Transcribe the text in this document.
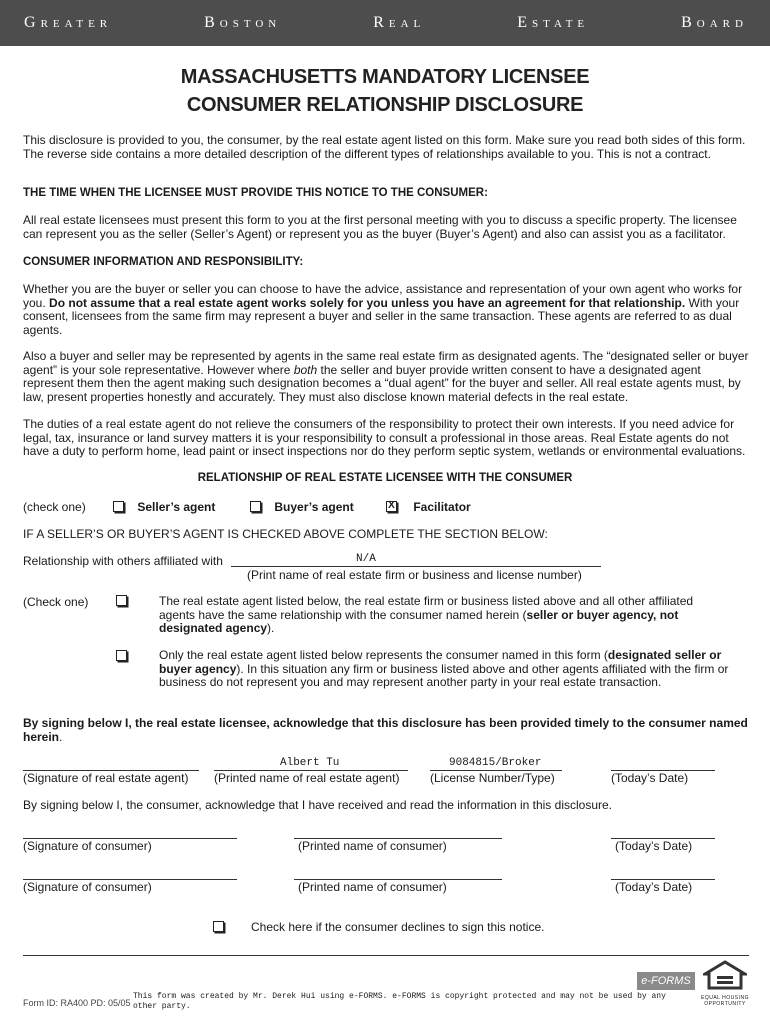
GREATER	BOSTON	REAL	ESTATE	BOARD
MASSACHUSETTS MANDATORY LICENSEE
CONSUMER RELATIONSHIP DISCLOSURE
This disclosure is provided to you, the consumer, by the real estate agent listed on this form. Make sure you read both sides of this form. The reverse side contains a more detailed description of the different types of relationships available to you. This is not a contract.
THE TIME WHEN THE LICENSEE MUST PROVIDE THIS NOTICE TO THE CONSUMER:
All real estate licensees must present this form to you at the first personal meeting with you to discuss a specific property. The licensee can represent you as the seller (Seller’s Agent) or represent you as the buyer (Buyer’s Agent) and also can assist you as a facilitator.
CONSUMER INFORMATION AND RESPONSIBILITY:
Whether you are the buyer or seller you can choose to have the advice, assistance and representation of your own agent who works for you. Do not assume that a real estate agent works solely for you unless you have an agreement for that relationship. With your consent, licensees from the same firm may represent a buyer and seller in the same transaction. These agents are referred to as dual agents.
Also a buyer and seller may be represented by agents in the same real estate firm as designated agents. The “designated seller or buyer agent” is your sole representative. However where both the seller and buyer provide written consent to have a designated agent represent them then the agent making such designation becomes a “dual agent” for the buyer and seller. All real estate agents must, by law, present properties honestly and accurately. They must also disclose known material defects in the real estate.
The duties of a real estate agent do not relieve the consumers of the responsibility to protect their own interests. If you need advice for legal, tax, insurance or land survey matters it is your responsibility to consult a professional in those areas. Real Estate agents do not have a duty to perform home, lead paint or insect inspections nor do they perform septic system, wetlands or environmental evaluations.
RELATIONSHIP OF REAL ESTATE LICENSEE WITH THE CONSUMER
(check one)	Seller’s agent	Buyer’s agent
X	Facilitator
IF A SELLER’S OR BUYER’S AGENT IS CHECKED ABOVE COMPLETE THE SECTION BELOW:
Relationship with others affiliated with	N/A
(Print name of real estate firm or business and license number)
(Check one)	The real estate agent listed below, the real estate firm or business listed above and all other affiliated agents have the same relationship with the consumer named herein (seller or buyer agency, not designated agency).
Only the real estate agent listed below represents the consumer named in this form (designated seller or buyer agency). In this situation any firm or business listed above and other agents affiliated with the firm or business do not represent you and may represent another party in your real estate transaction.
By signing below I, the real estate licensee, acknowledge that this disclosure has been provided timely to the consumer named herein.
Albert Tu	9084815/Broker
(Signature of real estate agent) (Printed name of real estate agent)	(License Number/Type)	(Today’s Date)
By signing below I, the consumer, acknowledge that I have received and read the information in this disclosure.
(Signature of consumer)	(Printed name of consumer)	(Today’s Date)
(Signature of consumer)	(Printed name of consumer)	(Today’s Date)
Check here if the consumer declines to sign this notice.
Form ID: RA400 PD: 05/05
This form was created by Mr. Derek Hui using e-FORMS. e-FORMS is copyright protected and may not be used by any other party.
e-FORMS
EQUAL HOUSING
OPPORTUNITY
